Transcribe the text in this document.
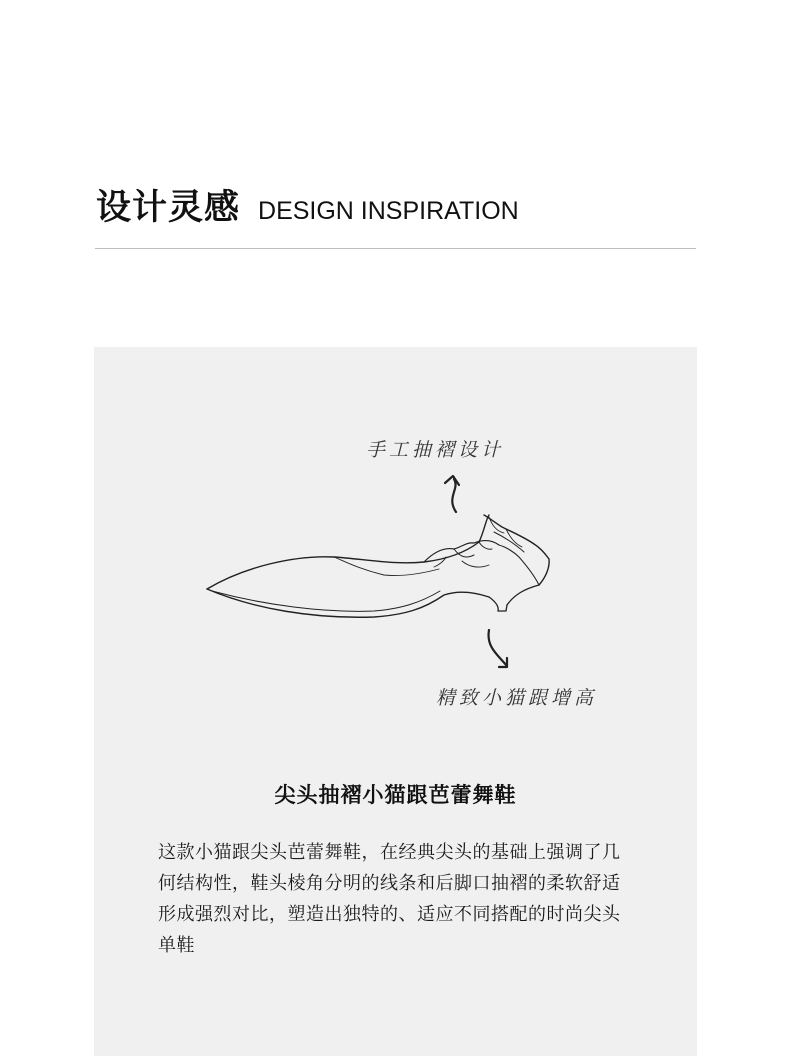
设计灵感 DESIGN INSPIRATION
手工抽褶设计
精致小猫跟增高
尖头抽褶小猫跟芭蕾舞鞋
这款小猫跟尖头芭蕾舞鞋，在经典尖头的基础上强调了几何结构性，鞋头棱角分明的线条和后脚口抽褶的柔软舒适形成强烈对比，塑造出独特的、适应不同搭配的时尚尖头单鞋
